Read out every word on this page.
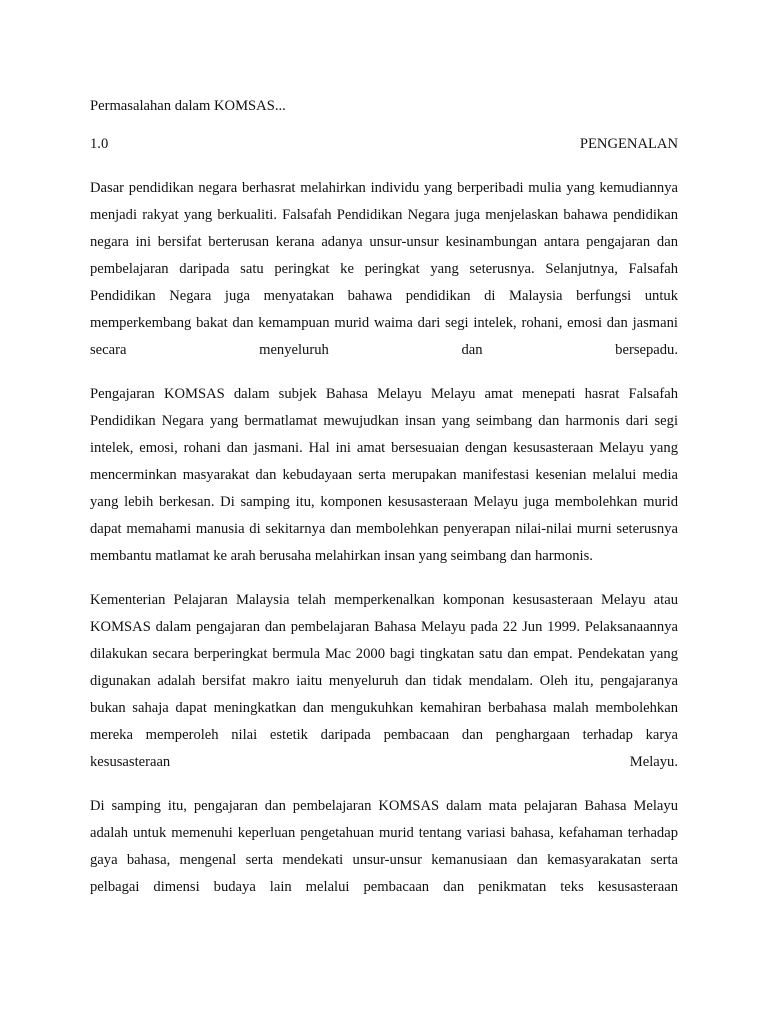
Permasalahan dalam KOMSAS...
1.0	PENGENALAN

Dasar pendidikan negara berhasrat melahirkan individu yang berperibadi mulia yang kemudiannya menjadi rakyat yang berkualiti. Falsafah Pendidikan Negara juga menjelaskan bahawa pendidikan negara ini bersifat berterusan kerana adanya unsur-unsur kesinambungan antara pengajaran dan pembelajaran daripada satu peringkat ke peringkat yang seterusnya. Selanjutnya, Falsafah Pendidikan Negara juga menyatakan bahawa pendidikan di Malaysia berfungsi untuk memperkembang bakat dan kemampuan murid waima dari segi intelek, rohani, emosi dan jasmani secara menyeluruh dan bersepadu.

Pengajaran KOMSAS dalam subjek Bahasa Melayu Melayu amat menepati hasrat Falsafah Pendidikan Negara yang bermatlamat mewujudkan insan yang seimbang dan harmonis dari segi intelek, emosi, rohani dan jasmani. Hal ini amat bersesuaian dengan kesusasteraan Melayu yang mencerminkan masyarakat dan kebudayaan serta merupakan manifestasi kesenian melalui media yang lebih berkesan. Di samping itu, komponen kesusasteraan Melayu juga membolehkan murid dapat memahami manusia di sekitarnya dan membolehkan penyerapan nilai-nilai murni seterusnya membantu matlamat ke arah berusaha melahirkan insan yang seimbang dan harmonis.

Kementerian Pelajaran Malaysia telah memperkenalkan komponan kesusasteraan Melayu atau KOMSAS dalam pengajaran dan pembelajaran Bahasa Melayu pada 22 Jun 1999. Pelaksanaannya dilakukan secara berperingkat bermula Mac 2000 bagi tingkatan satu dan empat. Pendekatan yang digunakan adalah bersifat makro iaitu menyeluruh dan tidak mendalam. Oleh itu, pengajaranya bukan sahaja dapat meningkatkan dan mengukuhkan kemahiran berbahasa malah membolehkan mereka memperoleh nilai estetik daripada pembacaan dan penghargaan terhadap karya kesusasteraan Melayu.

Di samping itu, pengajaran dan pembelajaran KOMSAS dalam mata pelajaran Bahasa Melayu adalah untuk memenuhi keperluan pengetahuan murid tentang variasi bahasa, kefahaman terhadap gaya bahasa, mengenal serta mendekati unsur-unsur kemanusiaan dan kemasyarakatan serta pelbagai dimensi budaya lain melalui pembacaan dan penikmatan teks kesusasteraan
